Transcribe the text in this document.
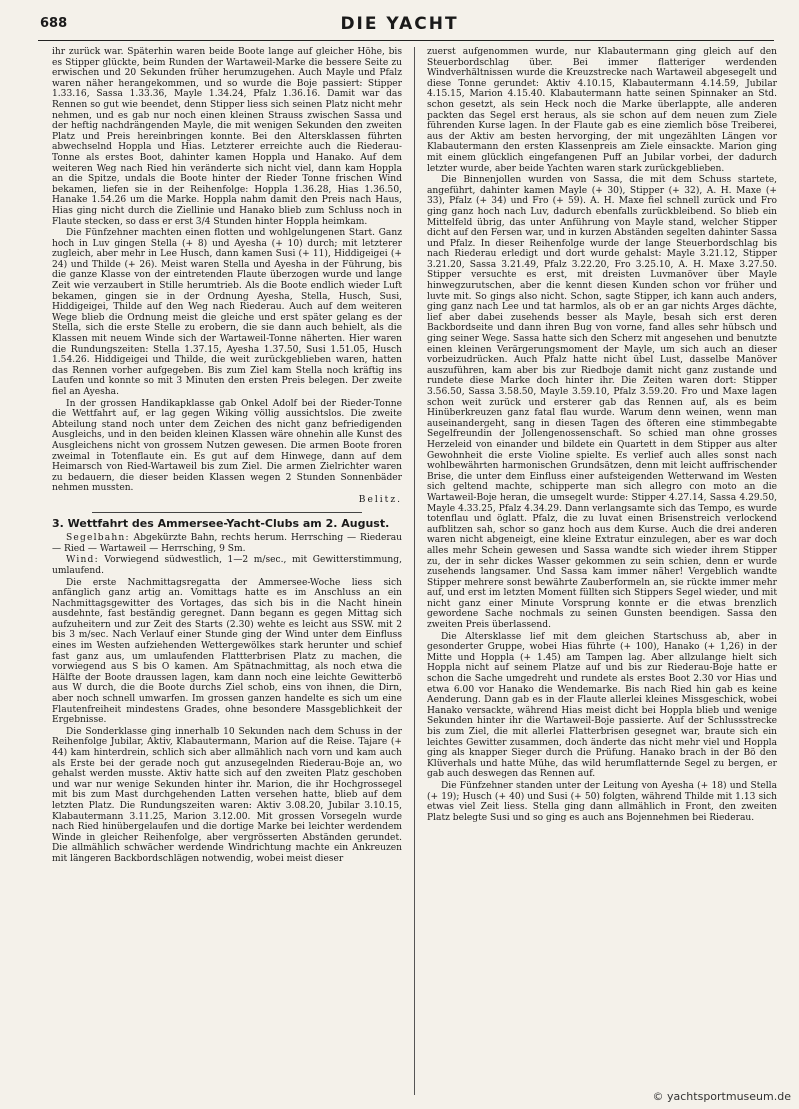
688	DIE YACHT

ihr zurück war. Späterhin waren beide Boote lange auf gleicher Höhe, bis es Stipper glückte, beim Runden der Wartaweil-Marke die bessere Seite zu erwischen und 20 Sekunden früher herumzugehen. Auch Mayle und Pfalz waren näher herangekommen, und so wurde die Boje passiert: Stipper 1.33.16, Sassa 1.33.36, Mayle 1.34.24, Pfalz 1.36.16. Damit war das Rennen so gut wie beendet, denn Stipper liess sich seinen Platz nicht mehr nehmen, und es gab nur noch einen kleinen Strauss zwischen Sassa und der heftig nachdrängenden Mayle, die mit wenigen Sekunden den zweiten Platz und Preis hereinbringen konnte. Bei den Altersklassen führten abwechselnd Hoppla und Hias. Letzterer erreichte auch die Riederau-Tonne als erstes Boot, dahinter kamen Hoppla und Hanako. Auf dem weiteren Weg nach Ried hin veränderte sich nicht viel, dann kam Hoppla an die Spitze, undals die Boote hinter der Rieder Tonne frischen Wind bekamen, liefen sie in der Reihenfolge: Hoppla 1.36.28, Hias 1.36.50, Hanake 1.54.26 um die Marke. Hoppla nahm damit den Preis nach Haus, Hias ging nicht durch die Ziellinie und Hanako blieb zum Schluss noch in Flaute stecken, so dass er erst 3/4 Stunden hinter Hoppla heimkam.

Die Fünfzehner machten einen flotten und wohlgelungenen Start. Ganz hoch in Luv gingen Stella (+ 8) und Ayesha (+ 10) durch; mit letzterer zugleich, aber mehr in Lee Husch, dann kamen Susi (+ 11), Hiddigeigei (+ 24) und Thilde (+ 26). Meist waren Stella und Ayesha in der Führung, bis die ganze Klasse von der eintretenden Flaute überzogen wurde und lange Zeit wie verzaubert in Stille herumtrieb. Als die Boote endlich wieder Luft bekamen, gingen sie in der Ordnung Ayesha, Stella, Husch, Susi, Hiddigeigei, Thilde auf den Weg nach Riederau. Auch auf dem weiteren Wege blieb die Ordnung meist die gleiche und erst später gelang es der Stella, sich die erste Stelle zu erobern, die sie dann auch behielt, als die Klassen mit neuem Winde sich der Wartaweil-Tonne näherten. Hier waren die Rundungszeiten: Stella 1.37.15, Ayesha 1.37.50, Susi 1.51.05, Husch 1.54.26. Hiddigeigei und Thilde, die weit zurückgeblieben waren, hatten das Rennen vorher aufgegeben. Bis zum Ziel kam Stella noch kräftig ins Laufen und konnte so mit 3 Minuten den ersten Preis belegen. Der zweite fiel an Ayesha.

In der grossen Handikapklasse gab Onkel Adolf bei der Rieder-Tonne die Wettfahrt auf, er lag gegen Wiking völlig aussichtslos. Die zweite Abteilung stand noch unter dem Zeichen des nicht ganz befriedigenden Ausgleichs, und in den beiden kleinen Klassen wäre ohnehin alle Kunst des Ausgleichens nicht von grossem Nutzen gewesen. Die armen Boote froren zweimal in Totenflaute ein. Es gut auf dem Hinwege, dann auf dem Heimarsch von Ried-Wartaweil bis zum Ziel. Die armen Zielrichter waren zu bedauern, die dieser beiden Klassen wegen 2 Stunden Sonnenbäder nehmen mussten.

Belitz.

3. Wettfahrt des Ammersee-Yacht-Clubs am 2. August.

Segelbahn: Abgekürzte Bahn, rechts herum. Herrsching — Riederau — Ried — Wartaweil — Herrsching, 9 Sm.

Wind: Vorwiegend südwestlich, 1—2 m/sec., mit Gewitterstimmung, umlaufend.

Die erste Nachmittagsregatta der Ammersee-Woche liess sich anfänglich ganz artig an. Vomittags hatte es im Anschluss an ein Nachmittagsgewitter des Vortages, das sich bis in die Nacht hinein ausdehnte, fast beständig geregnet. Dann begann es gegen Mittag sich aufzuheitern und zur Zeit des Starts (2.30) wehte es leicht aus SSW. mit 2 bis 3 m/sec. Nach Verlauf einer Stunde ging der Wind unter dem Einfluss eines im Westen aufziehenden Wettergewölkes stark herunter und schief fast ganz aus, um umlaufenden Flattterbrisen Platz zu machen, die vorwiegend aus S bis O kamen. Am Spätnachmittag, als noch etwa die Hälfte der Boote draussen lagen, kam dann noch eine leichte Gewitterbö aus W durch, die die Boote durchs Ziel schob, eins von ihnen, die Dirn, aber noch schnell umwarfen. Im grossen ganzen handelte es sich um eine Flautenfreiheit mindestens Grades, ohne besondere Massgeblichkeit der Ergebnisse.

Die Sonderklasse ging innerhalb 10 Sekunden nach dem Schuss in der Reihenfolge Jubilar, Aktiv, Klabautermann, Marion auf die Reise. Tajare (+ 44) kam hinterdrein, schlich sich aber allmählich nach vorn und kam auch als Erste bei der gerade noch gut anzusegelnden Riederau-Boje an, wo gehalst werden musste. Aktiv hatte sich auf den zweiten Platz geschoben und war nur wenige Sekunden hinter ihr. Marion, die ihr Hochgrossegel mit bis zum Mast durchgehenden Latten versehen hatte, blieb auf dem letzten Platz. Die Rundungszeiten waren: Aktiv 3.08.20, Jubilar 3.10.15, Klabautermann 3.11.25, Marion 3.12.00. Mit grossen Vorsegeln wurde nach Ried hinübergelaufen und die dortige Marke bei leichter werdendem Winde in gleicher Reihenfolge, aber vergrösserten Abständen gerundet. Die allmählich schwächer werdende Windrichtung machte ein Ankreuzen mit längeren Backbordschlägen notwendig, wobei meist dieser

zuerst aufgenommen wurde, nur Klabautermann ging gleich auf den Steuerbordschlag über. Bei immer flatteriger werdenden Windverhältnissen wurde die Kreuzstrecke nach Wartaweil abgesegelt und diese Tonne gerundet: Aktiv 4.10.15, Klabautermann 4.14.59, Jubilar 4.15.15, Marion 4.15.40. Klabautermann hatte seinen Spinnaker an Std. schon gesetzt, als sein Heck noch die Marke überlappte, alle anderen packten das Segel erst heraus, als sie schon auf dem neuen zum Ziele führenden Kurse lagen. In der Flaute gab es eine ziemlich böse Treiberei, aus der Aktiv am besten hervorging, der mit ungezählten Längen vor Klabautermann den ersten Klassenpreis am Ziele einsackte. Marion ging mit einem glücklich eingefangenen Puff an Jubilar vorbei, der dadurch letzter wurde, aber beide Yachten waren stark zurückgeblieben.

Die Binnenjollen wurden von Sassa, die mit dem Schuss startete, angeführt, dahinter kamen Mayle (+ 30), Stipper (+ 32), A. H. Maxe (+ 33), Pfalz (+ 34) und Fro (+ 59). A. H. Maxe fiel schnell zurück und Fro ging ganz hoch nach Luv, dadurch ebenfalls zurückbleibend. So blieb ein Mittelfeld übrig, das unter Anführung von Mayle stand, welcher Stipper dicht auf den Fersen war, und in kurzen Abständen segelten dahinter Sassa und Pfalz. In dieser Reihenfolge wurde der lange Steuerbordschlag bis nach Riederau erledigt und dort wurde gehalst: Mayle 3.21.12, Stipper 3.21.20, Sassa 3.21.49, Pfalz 3.22.20, Fro 3.25.10, A. H. Maxe 3.27.50. Stipper versuchte es erst, mit dreisten Luvmanöver über Mayle hinwegzurutschen, aber die kennt diesen Kunden schon vor früher und luvte mit. So gings also nicht. Schon, sagte Stipper, ich kann auch anders, ging ganz nach Lee und tat harmlos, als ob er an gar nichts Arges dächte, lief aber dabei zusehends besser als Mayle, besah sich erst deren Backbordseite und dann ihren Bug von vorne, fand alles sehr hübsch und ging seiner Wege. Sassa hatte sich den Scherz mit angesehen und benutzte einen kleinen Verärgerungsmoment der Mayle, um sich auch an dieser vorbeizudrücken. Auch Pfalz hatte nicht übel Lust, dasselbe Manöver auszuführen, kam aber bis zur Riedboje damit nicht ganz zustande und rundete diese Marke doch hinter ihr. Die Zeiten waren dort: Stipper 3.56.50, Sassa 3.58.50, Mayle 3.59.10, Pfalz 3.59.20. Fro und Maxe lagen schon weit zurück und ersterer gab das Rennen auf, als es beim Hinüberkreuzen ganz fatal flau wurde. Warum denn weinen, wenn man auseinandergeht, sang in diesen Tagen des öfteren eine stimmbegabte Segelfreundin der Jollengenossenschaft. So schied man ohne grosses Herzeleid von einander und bildete ein Quartett in dem Stipper aus alter Gewohnheit die erste Violine spielte. Es verlief auch alles sonst nach wohlbewährten harmonischen Grundsätzen, denn mit leicht auffrischender Brise, die unter dem Einfluss einer aufsteigenden Wetterwand im Westen sich geltend machte, schipperte man sich allegro con moto an die Wartaweil-Boje heran, die umsegelt wurde: Stipper 4.27.14, Sassa 4.29.50, Mayle 4.33.25, Pfalz 4.34.29. Dann verlangsamte sich das Tempo, es wurde totenflau und öglatt. Pfalz, die zu luvat einen Brisenstreich verlockend aufblitzen sah, schor so ganz hoch aus dem Kurse. Auch die drei anderen waren nicht abgeneigt, eine kleine Extratur einzulegen, aber es war doch alles mehr Schein gewesen und Sassa wandte sich wieder ihrem Stipper zu, der in sehr dickes Wasser gekommen zu sein schien, denn er wurde zusehends langsamer. Und Sassa kam immer näher! Vergeblich wandte Stipper mehrere sonst bewährte Zauberformeln an, sie rückte immer mehr auf, und erst im letzten Moment füllten sich Stippers Segel wieder, und mit nicht ganz einer Minute Vorsprung konnte er die etwas brenzlich gewordene Sache nochmals zu seinen Gunsten beendigen. Sassa den zweiten Preis überlassend.

Die Altersklasse lief mit dem gleichen Startschuss ab, aber in gesonderter Gruppe, wobei Hias führte (+ 100), Hanako (+ 1,26) in der Mitte und Hoppla (+ 1.45) am Tampen lag. Aber allzulange hielt sich Hoppla nicht auf seinem Platze auf und bis zur Riederau-Boje hatte er schon die Sache umgedreht und rundete als erstes Boot 2.30 vor Hias und etwa 6.00 vor Hanako die Wendemarke. Bis nach Ried hin gab es keine Aenderung. Dann gab es in der Flaute allerlei kleines Missgeschick, wobei Hanako versackte, während Hias meist dicht bei Hoppla blieb und wenige Sekunden hinter ihr die Wartaweil-Boje passierte. Auf der Schlussstrecke bis zum Ziel, die mit allerlei Flatterbrisen gesegnet war, braute sich ein leichtes Gewitter zusammen, doch änderte das nicht mehr viel und Hoppla ging als knapper Sieger durch die Prüfung. Hanako brach in der Bö den Klüverhals und hatte Mühe, das wild herumflatternde Segel zu bergen, er gab auch deswegen das Rennen auf.

Die Fünfzehner standen unter der Leitung von Ayesha (+ 18) und Stella (+ 19); Husch (+ 40) und Susi (+ 50) folgten, während Thilde mit 1.13 sich etwas viel Zeit liess. Stella ging dann allmählich in Front, den zweiten Platz belegte Susi und so ging es auch ans Bojennehmen bei Riederau.

© yachtsportmuseum.de
